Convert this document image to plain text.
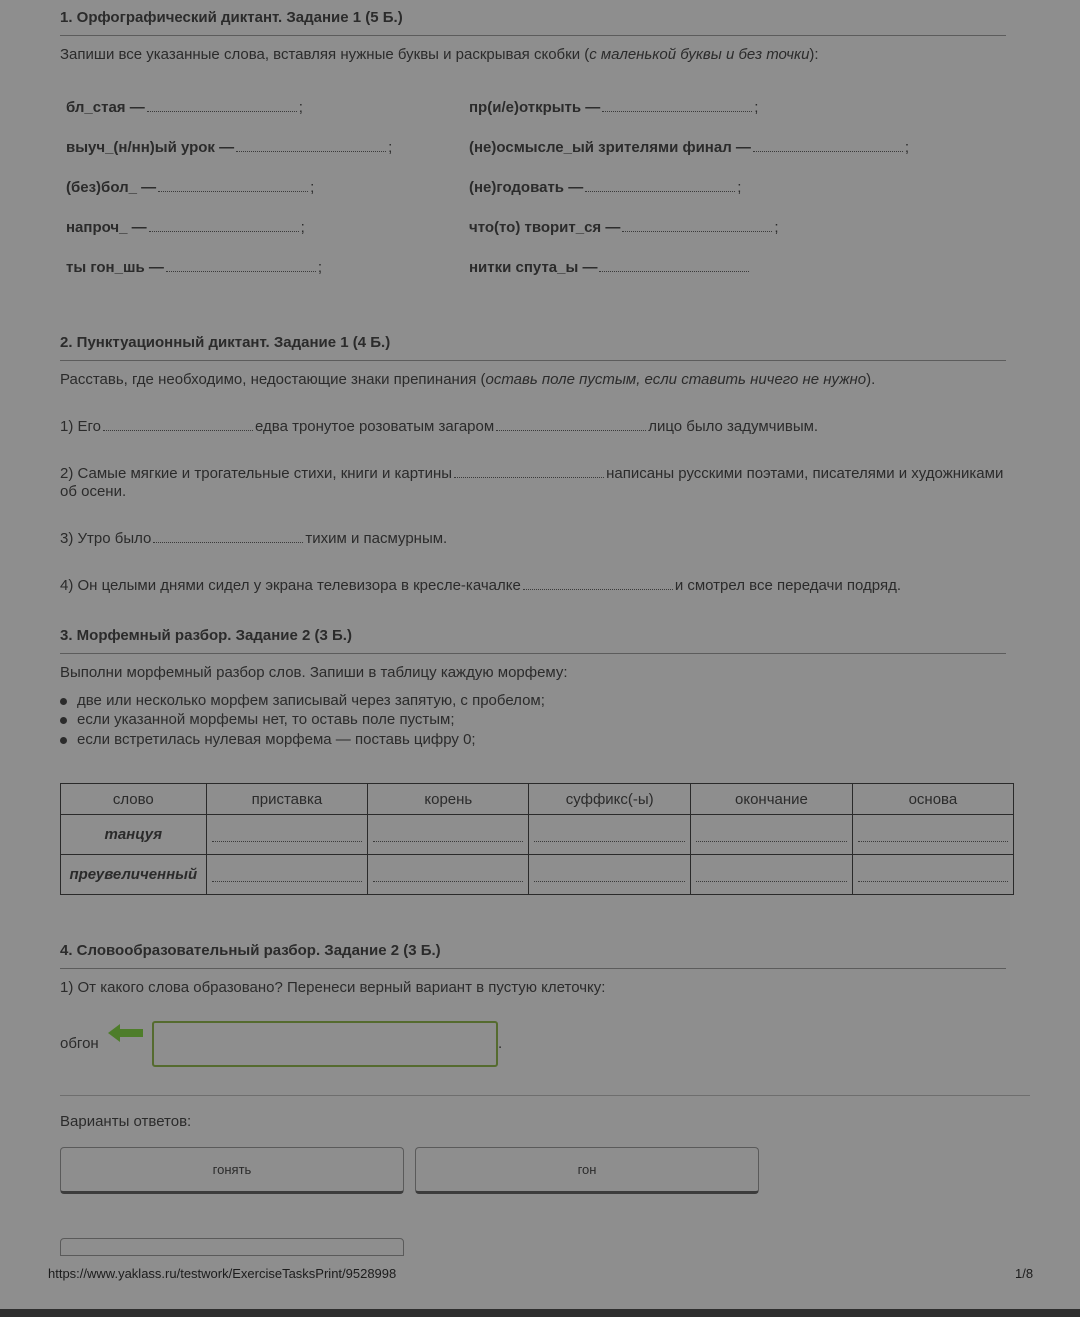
1. Орфографический диктант. Задание 1 (5 Б.)
Запиши все указанные слова, вставляя нужные буквы и раскрывая скобки (с маленькой буквы и без точки):
бл_стая —	;
выуч_(н/нн)ый урок —	;
(без)бол_ —	;
напроч_ —	;
ты гон_шь —	;
пр(и/е)открыть —	;
(не)осмысле_ый зрителями финал —	;
(не)годовать —	;
что(то) творит_ся —	;
нитки спута_ы —
2. Пунктуационный диктант. Задание 1 (4 Б.)
Расставь, где необходимо, недостающие знаки препинания (оставь поле пустым, если ставить ничего не нужно).
1) Его	едва тронутое розоватым загаром	лицо было задумчивым.
2) Самые мягкие и трогательные стихи, книги и картины	написаны русскими поэтами, писателями и художниками
об осени.
3) Утро было	тихим и пасмурным.
4) Он целыми днями сидел у экрана телевизора в кресле-качалке	и смотрел все передачи подряд.
3. Морфемный разбор. Задание 2 (3 Б.)
Выполни морфемный разбор слов. Запиши в таблицу каждую морфему:
две или несколько морфем записывай через запятую, с пробелом;
если указанной морфемы нет, то оставь поле пустым;
если встретилась нулевая морфема — поставь цифру 0;
слово	приставка	корень	суффикс(-ы)	окончание	основа
танцуя	

преувеличенный	

4. Словообразовательный разбор. Задание 2 (3 Б.)
1) От какого слова образовано? Перенеси верный вариант в пустую клеточку:
обгон	.
Варианты ответов:
гонять	гон
https://www.yaklass.ru/testwork/ExerciseTasksPrint/9528998	1/8
